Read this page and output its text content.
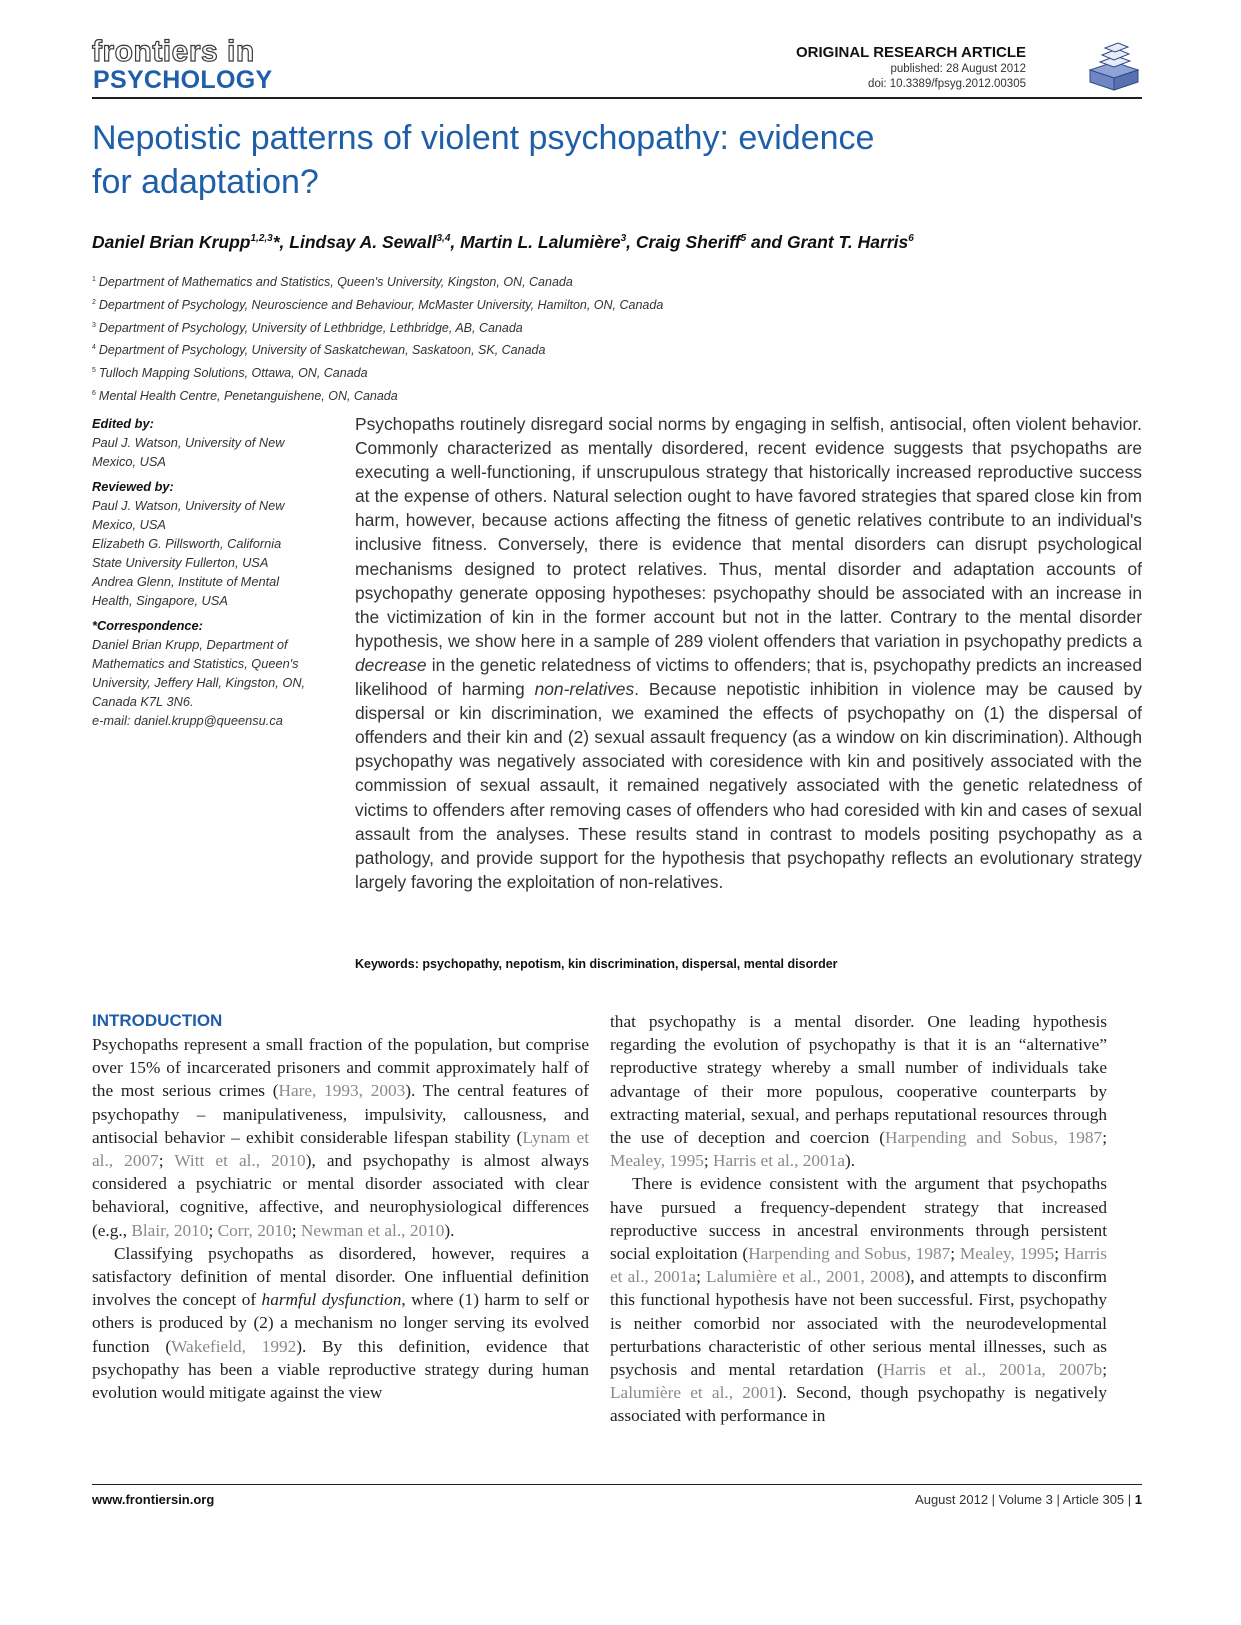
frontiers in
PSYCHOLOGY
ORIGINAL RESEARCH ARTICLE
published: 28 August 2012
doi: 10.3389/fpsyg.2012.00305
Nepotistic patterns of violent psychopathy: evidence
for adaptation?
Daniel Brian Krupp$^{1,2,3}$*, Lindsay A. Sewall$^{3,4}$, Martin L. Lalumière$^3$, Craig Sheriff$^5$ and Grant T. Harris$^6$
$^1$ Department of Mathematics and Statistics, Queen's University, Kingston, ON, Canada
$^2$ Department of Psychology, Neuroscience and Behaviour, McMaster University, Hamilton, ON, Canada
$^3$ Department of Psychology, University of Lethbridge, Lethbridge, AB, Canada
$^4$ Department of Psychology, University of Saskatchewan, Saskatoon, SK, Canada
$^5$ Tulloch Mapping Solutions, Ottawa, ON, Canada
$^6$ Mental Health Centre, Penetanguishene, ON, Canada
Edited by:
Paul J. Watson, University of New
Mexico, USA
Reviewed by:
Paul J. Watson, University of New
Mexico, USA
Elizabeth G. Pillsworth, California
State University Fullerton, USA
Andrea Glenn, Institute of Mental
Health, Singapore, USA
*Correspondence:
Daniel Brian Krupp, Department of
Mathematics and Statistics, Queen's
University, Jeffery Hall, Kingston, ON,
Canada K7L 3N6.
e-mail: daniel.krupp@queensu.ca
Psychopaths routinely disregard social norms by engaging in selfish, antisocial, often violent behavior. Commonly characterized as mentally disordered, recent evidence suggests that psychopaths are executing a well-functioning, if unscrupulous strategy that historically increased reproductive success at the expense of others. Natural selection ought to have favored strategies that spared close kin from harm, however, because actions affecting the fitness of genetic relatives contribute to an individual's inclusive fitness. Conversely, there is evidence that mental disorders can disrupt psychological mechanisms designed to protect relatives. Thus, mental disorder and adaptation accounts of psychopathy generate opposing hypotheses: psychopathy should be associated with an increase in the victimization of kin in the former account but not in the latter. Contrary to the mental disorder hypothesis, we show here in a sample of 289 violent offenders that variation in psychopathy predicts a decrease in the genetic relatedness of victims to offenders; that is, psychopathy predicts an increased likelihood of harming non-relatives. Because nepotistic inhibition in violence may be caused by dispersal or kin discrimination, we examined the effects of psychopathy on (1) the dispersal of offenders and their kin and (2) sexual assault frequency (as a window on kin discrimination). Although psychopathy was negatively associated with coresidence with kin and positively associated with the commission of sexual assault, it remained negatively associated with the genetic relatedness of victims to offenders after removing cases of offenders who had coresided with kin and cases of sexual assault from the analyses. These results stand in contrast to models positing psychopathy as a pathology, and provide support for the hypothesis that psychopathy reflects an evolutionary strategy largely favoring the exploitation of non-relatives.
Keywords: psychopathy, nepotism, kin discrimination, dispersal, mental disorder
INTRODUCTION

Psychopaths represent a small fraction of the population, but comprise over 15% of incarcerated prisoners and commit approximately half of the most serious crimes (Hare, 1993, 2003). The central features of psychopathy – manipulativeness, impulsivity, callousness, and antisocial behavior – exhibit considerable lifespan stability (Lynam et al., 2007; Witt et al., 2010), and psychopathy is almost always considered a psychiatric or mental disorder associated with clear behavioral, cognitive, affective, and neurophysiological differences (e.g., Blair, 2010; Corr, 2010; Newman et al., 2010).

Classifying psychopaths as disordered, however, requires a satisfactory definition of mental disorder. One influential definition involves the concept of harmful dysfunction, where (1) harm to self or others is produced by (2) a mechanism no longer serving its evolved function (Wakefield, 1992). By this definition, evidence that psychopathy has been a viable reproductive strategy during human evolution would mitigate against the view

that psychopathy is a mental disorder. One leading hypothesis regarding the evolution of psychopathy is that it is an “alternative” reproductive strategy whereby a small number of individuals take advantage of their more populous, cooperative counterparts by extracting material, sexual, and perhaps reputational resources through the use of deception and coercion (Harpending and Sobus, 1987; Mealey, 1995; Harris et al., 2001a).

There is evidence consistent with the argument that psychopaths have pursued a frequency-dependent strategy that increased reproductive success in ancestral environments through persistent social exploitation (Harpending and Sobus, 1987; Mealey, 1995; Harris et al., 2001a; Lalumière et al., 2001, 2008), and attempts to disconfirm this functional hypothesis have not been successful. First, psychopathy is neither comorbid nor associated with the neurodevelopmental perturbations characteristic of other serious mental illnesses, such as psychosis and mental retardation (Harris et al., 2001a, 2007b; Lalumière et al., 2001). Second, though psychopathy is negatively associated with performance in

www.frontiersin.org	August 2012 | Volume 3 | Article 305 | 1
